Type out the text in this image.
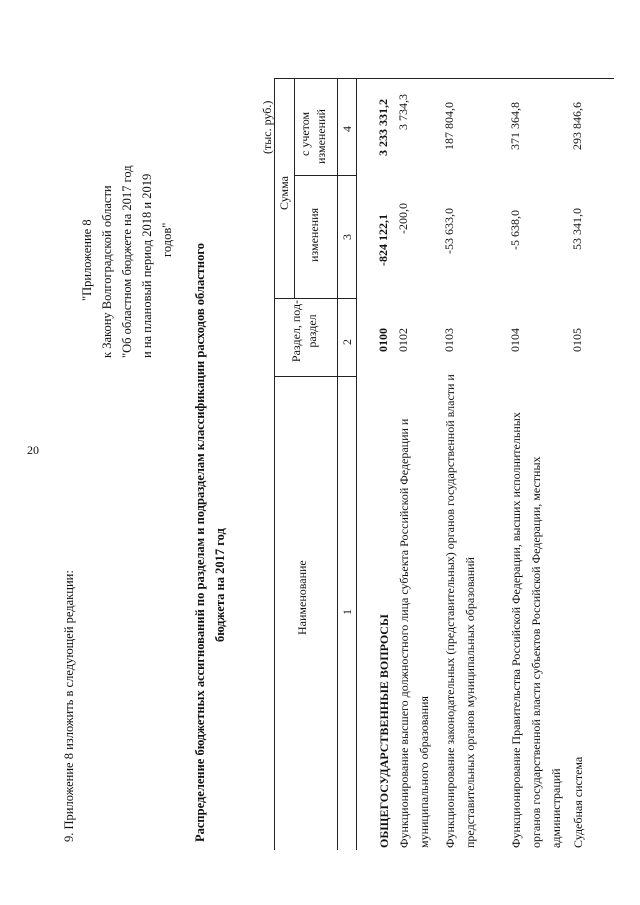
20
9. Приложение 8 изложить в следующей редакции:
"Приложение 8 к Закону Волгоградской области "Об областном бюджете на 2017 год и на плановый период 2018 и 2019 годов"
Распределение бюджетных ассигнований по разделам и подразделам классификации расходов областного бюджета на 2017 год
(тыс. руб.)
Наименование
Раздел, под-раздел
Сумма
изменения
с учетом изменений
1
2
3
4
ОБЩЕГОСУДАРСТВЕННЫЕ ВОПРОСЫ
0100
-824 122,1
3 233 331,2
Функционирование высшего должностного лица субъекта Российской Федерации и муниципального образования
0102
-200,0
3 734,3
Функционирование законодательных (представительных) органов государственной власти и представительных органов муниципальных образований
0103
-53 633,0
187 804,0
Функционирование Правительства Российской Федерации, высших исполнительных органов государственной власти субъектов Российской Федерации, местных администраций
0104
-5 638,0
371 364,8
Судебная система
0105
53 341,0
293 846,6
